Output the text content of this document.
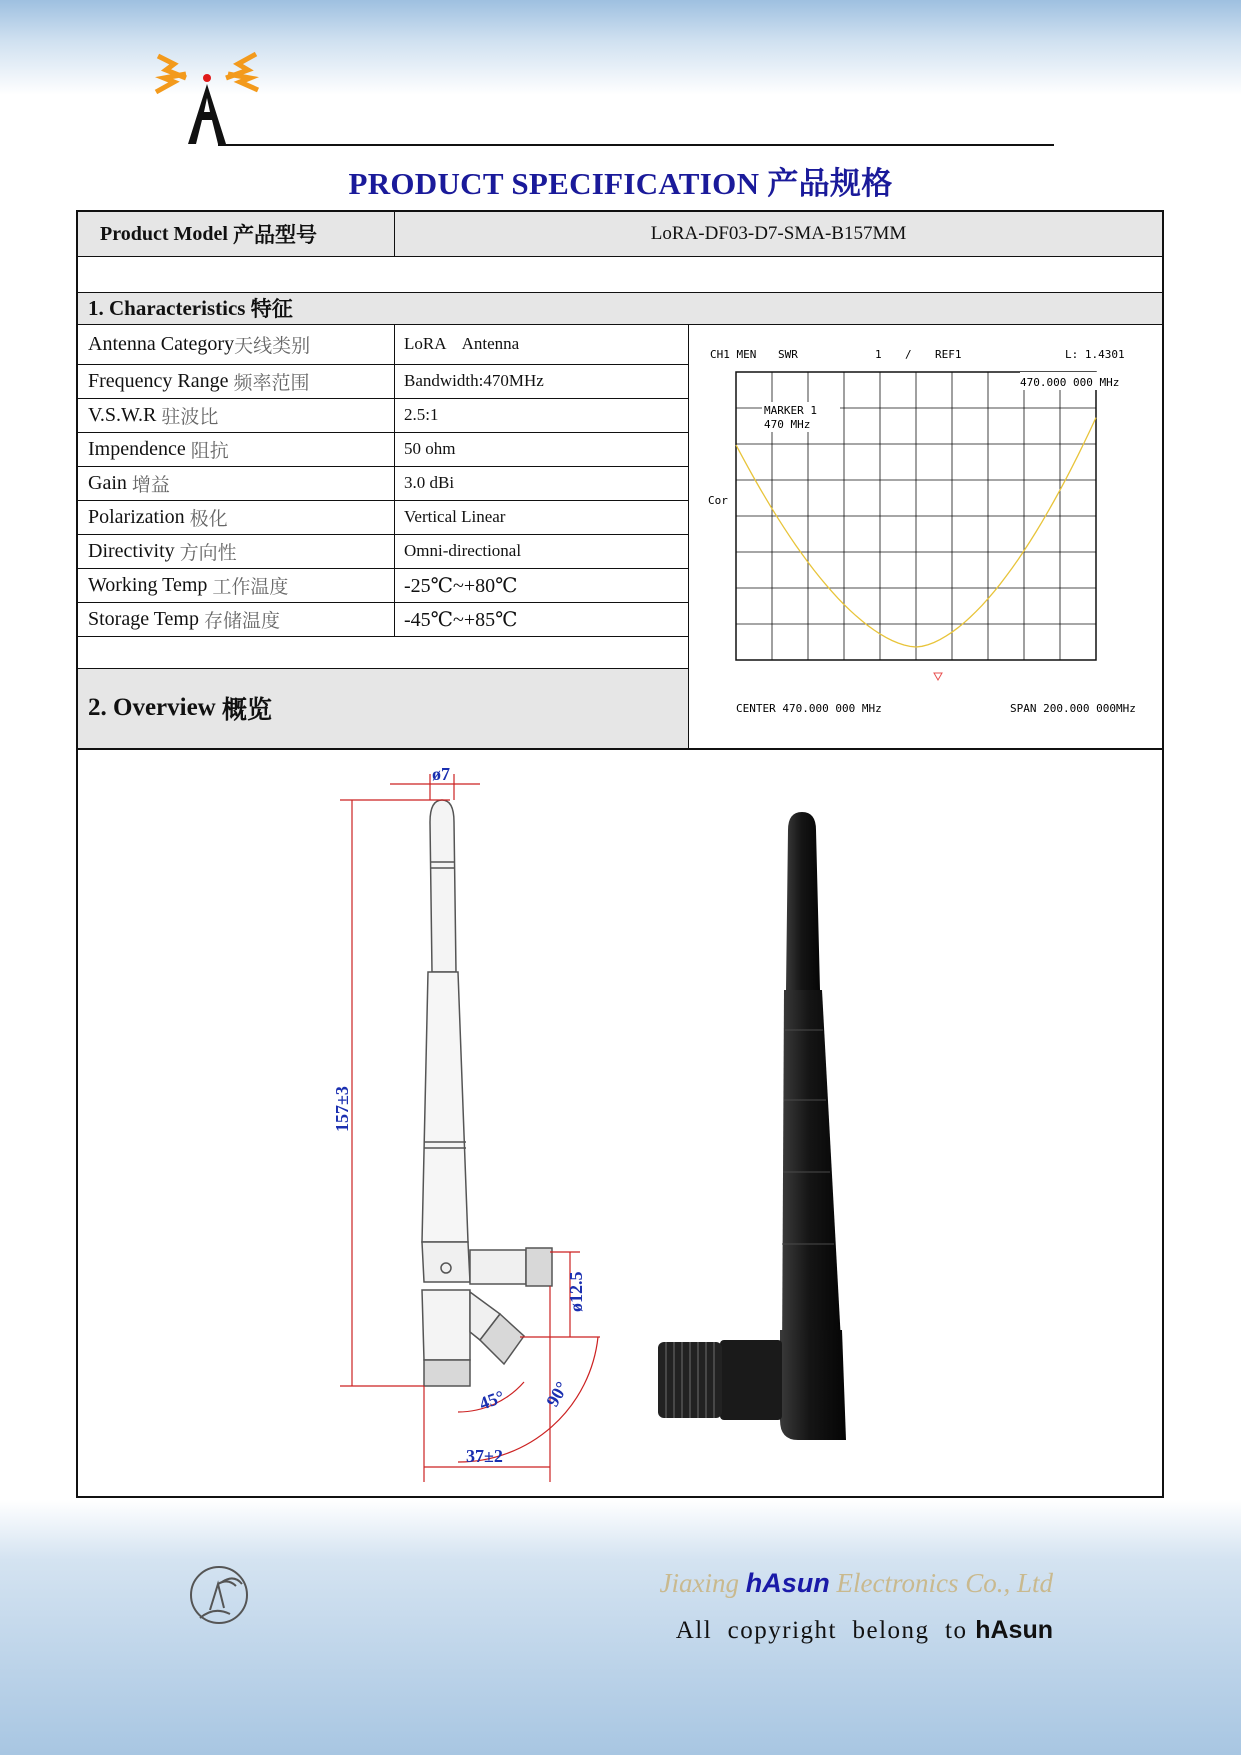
PRODUCT SPECIFICATION 产品规格
Product Model
产品型号	LoRA-DF03-D7-SMA-B157MM
1. Characteristics
特征
Antenna Category 天线类别	LoRA    Antenna
Frequency Range
频率范围	Bandwidth:470MHz
V.S.W.R
驻波比	2.5:1
Impendence
阻抗	50 ohm
Gain
增益	3.0 dBi
Polarization
极化	Vertical Linear
Directivity
方向性	Omni-directional
Working Temp
工作温度	-25℃~+80℃
Storage Temp
存储温度	-45℃~+85℃
2. Overview
概览
CH1 MEN SWR	1 / REF1	L: 1.4301
470.000 000 MHz
MARKER 1
470 MHz
Cor
CENTER 470.000 000 MHz	SPAN 200.000 000MHz
ø7
157±3
ø12.5
45° 90°
37±2
Jiaxing hAsun Electronics Co., Ltd
All  copyright  belong  to hAsun
